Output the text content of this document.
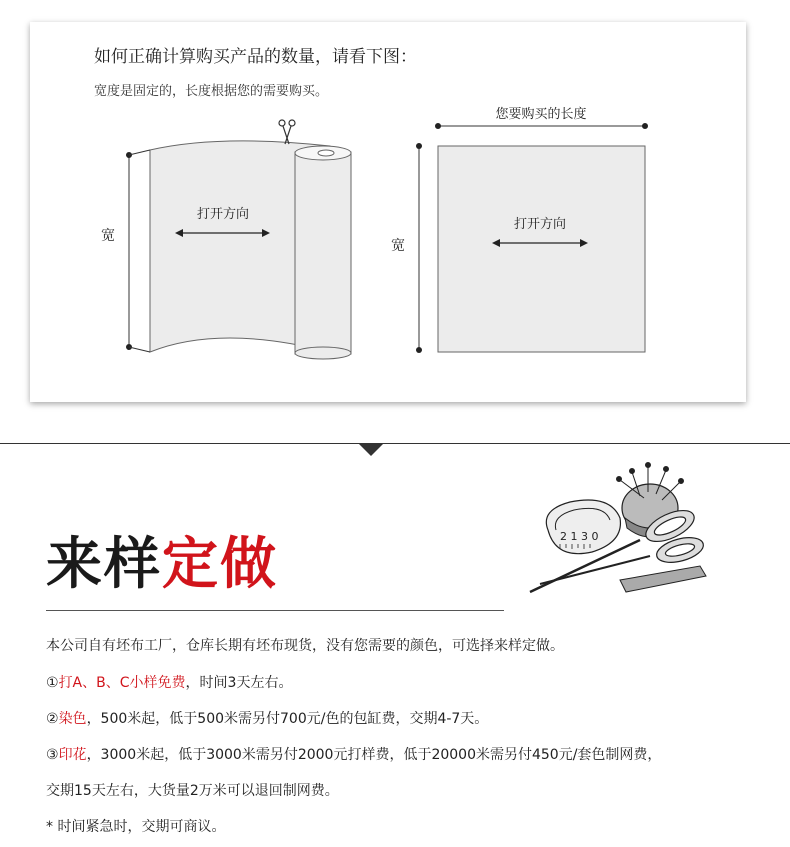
如何正确计算购买产品的数量，请看下图：
宽度是固定的，长度根据您的需要购买。
打开方向
宽
您要购买的长度
宽
打开方向
2 1 3 0
来样定做
本公司自有坯布工厂，仓库长期有坯布现货，没有您需要的颜色，可选择来样定做。
①打A、B、C小样免费，时间3天左右。
②染色，500米起，低于500米需另付700元/色的包缸费，交期4-7天。
③印花，3000米起，低于3000米需另付2000元打样费，低于20000米需另付450元/套色制网费，
交期15天左右，大货量2万米可以退回制网费。
* 时间紧急时，交期可商议。
